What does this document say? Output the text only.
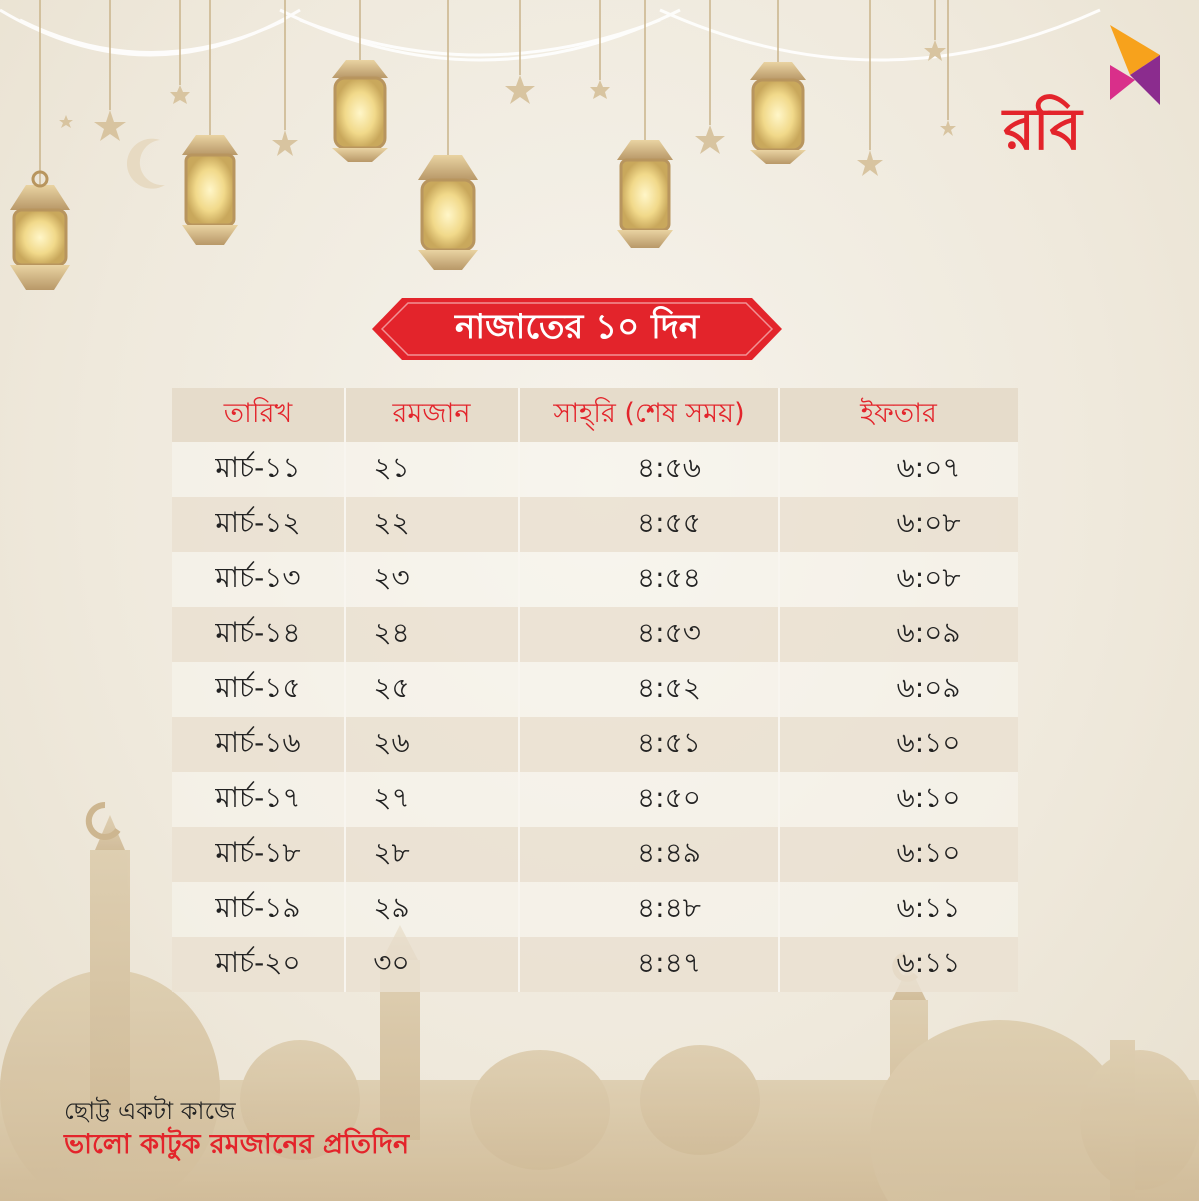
রবি
নাজাতের ১০ দিন
তারিখ	রমজান	সাহ্‌রি (শেষ সময়)	ইফতার
মার্চ-১১	২১	৪:৫৬	৬:০৭
মার্চ-১২	২২	৪:৫৫	৬:০৮
মার্চ-১৩	২৩	৪:৫৪	৬:০৮
মার্চ-১৪	২৪	৪:৫৩	৬:০৯
মার্চ-১৫	২৫	৪:৫২	৬:০৯
মার্চ-১৬	২৬	৪:৫১	৬:১০
মার্চ-১৭	২৭	৪:৫০	৬:১০
মার্চ-১৮	২৮	৪:৪৯	৬:১০
মার্চ-১৯	২৯	৪:৪৮	৬:১১
মার্চ-২০	৩০	৪:৪৭	৬:১১
ছোট্ট একটা কাজে
ভালো কাটুক রমজানের প্রতিদিন
